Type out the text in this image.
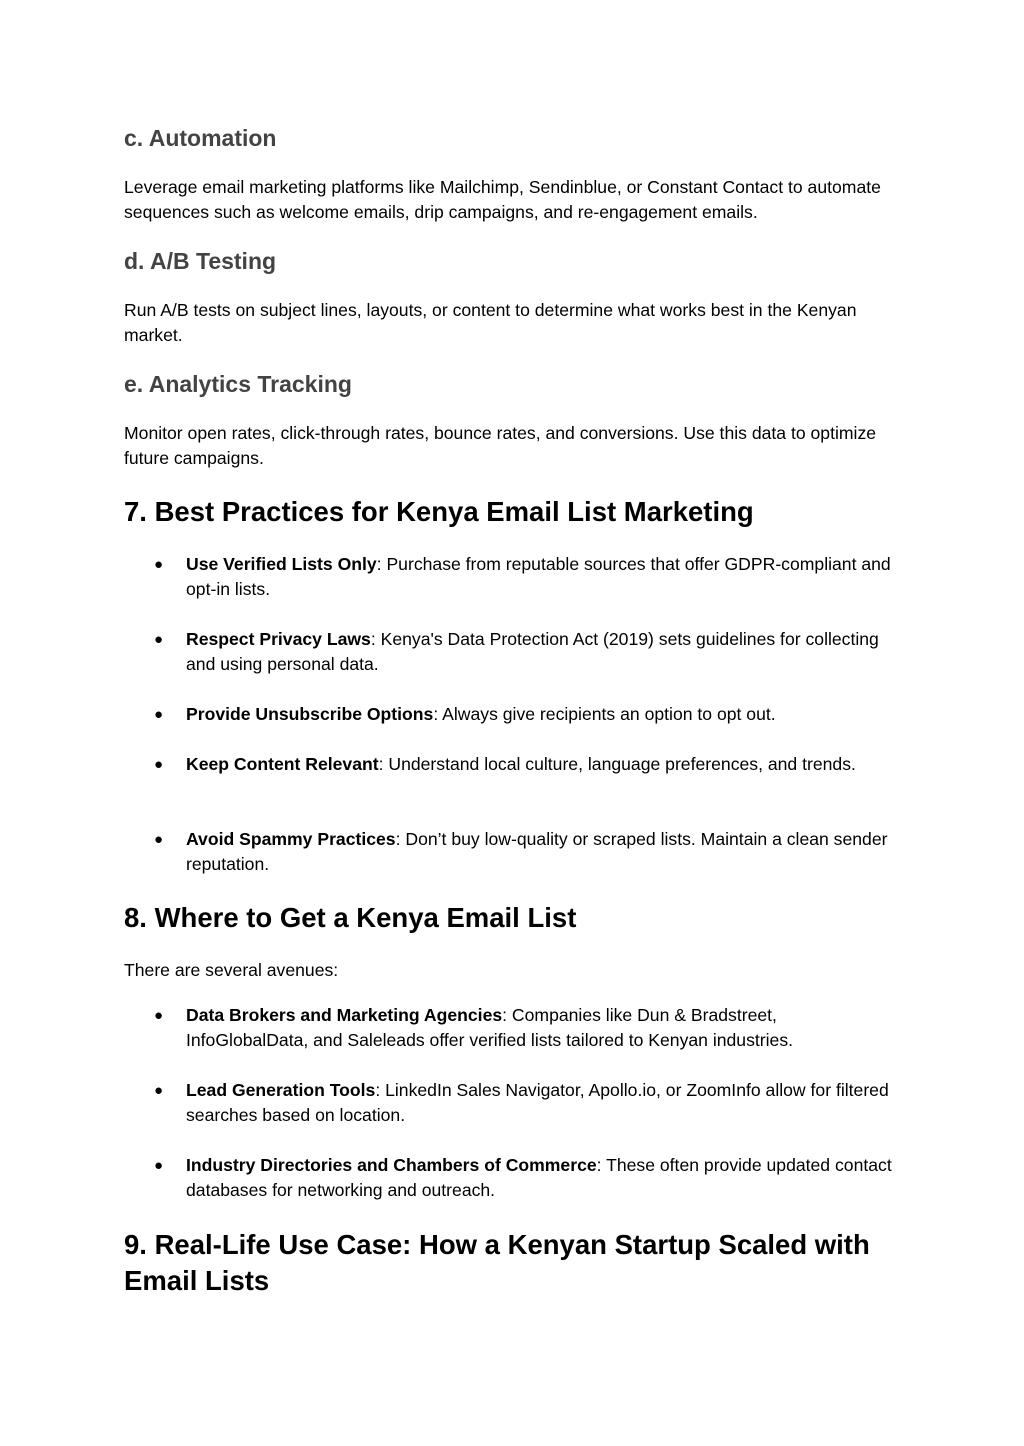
c. Automation

Leverage email marketing platforms like Mailchimp, Sendinblue, or Constant Contact to automate sequences such as welcome emails, drip campaigns, and re-engagement emails.

d. A/B Testing

Run A/B tests on subject lines, layouts, or content to determine what works best in the Kenyan market.

e. Analytics Tracking

Monitor open rates, click-through rates, bounce rates, and conversions. Use this data to optimize future campaigns.

7. Best Practices for Kenya Email List Marketing
● Use Verified Lists Only: Purchase from reputable sources that offer GDPR-compliant and opt-in lists.
● Respect Privacy Laws: Kenya's Data Protection Act (2019) sets guidelines for collecting and using personal data.
● Provide Unsubscribe Options: Always give recipients an option to opt out.
● Keep Content Relevant: Understand local culture, language preferences, and trends.
● Avoid Spammy Practices: Don’t buy low-quality or scraped lists. Maintain a clean sender reputation.
8. Where to Get a Kenya Email List

There are several avenues:

● Data Brokers and Marketing Agencies: Companies like Dun & Bradstreet, InfoGlobalData, and Saleleads offer verified lists tailored to Kenyan industries.
● Lead Generation Tools: LinkedIn Sales Navigator, Apollo.io, or ZoomInfo allow for filtered searches based on location.
● Industry Directories and Chambers of Commerce: These often provide updated contact databases for networking and outreach.
9. Real-Life Use Case: How a Kenyan Startup Scaled with Email Lists
